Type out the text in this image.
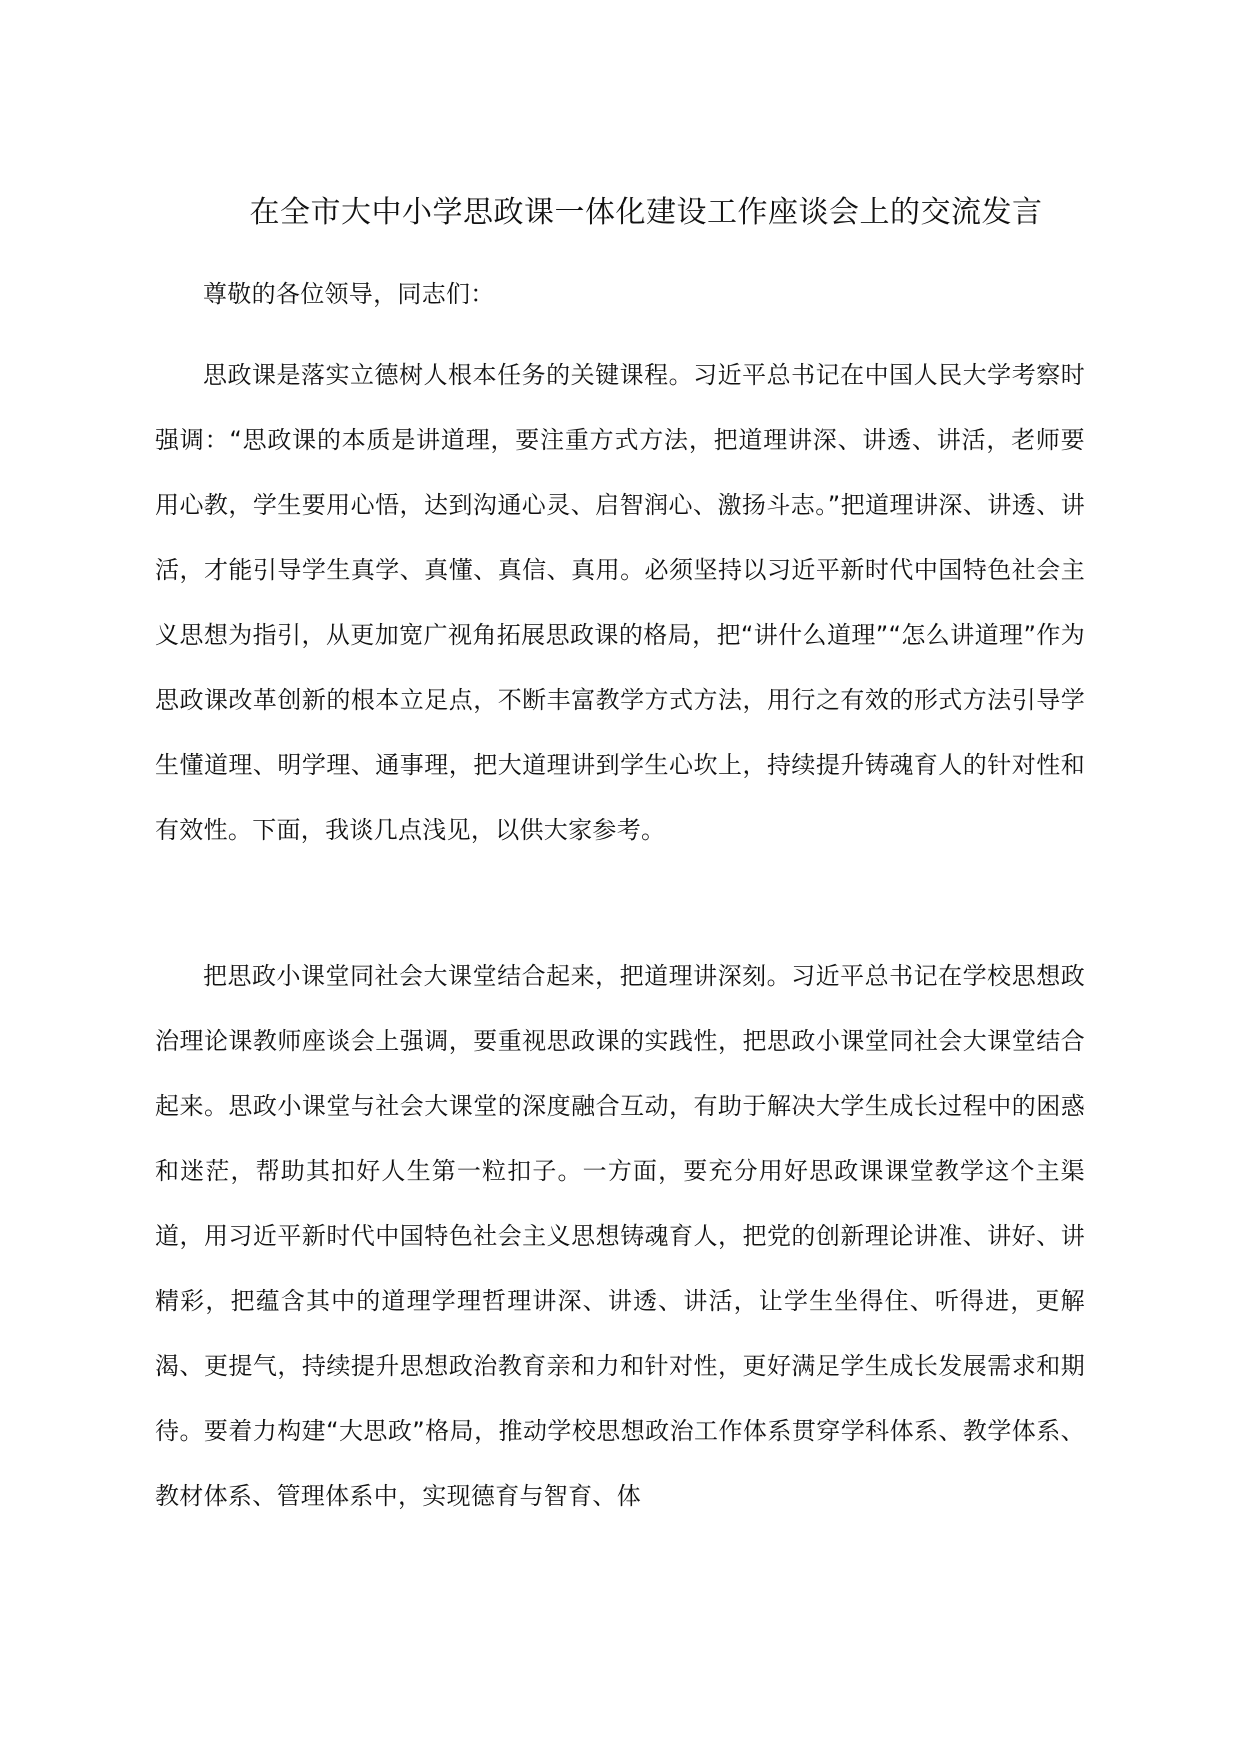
在全市大中小学思政课一体化建设工作座谈会上的交流发言
尊敬的各位领导，同志们：

思政课是落实立德树人根本任务的关键课程。习近平总书记在中国人民大学考察时强调：“思政课的本质是讲道理，要注重方式方法，把道理讲深、讲透、讲活，老师要用心教，学生要用心悟，达到沟通心灵、启智润心、激扬斗志。”把道理讲深、讲透、讲活，才能引导学生真学、真懂、真信、真用。必须坚持以习近平新时代中国特色社会主义思想为指引，从更加宽广视角拓展思政课的格局，把“讲什么道理”“怎么讲道理”作为思政课改革创新的根本立足点，不断丰富教学方式方法，用行之有效的形式方法引导学生懂道理、明学理、通事理，把大道理讲到学生心坎上，持续提升铸魂育人的针对性和有效性。下面，我谈几点浅见，以供大家参考。

把思政小课堂同社会大课堂结合起来，把道理讲深刻。习近平总书记在学校思想政治理论课教师座谈会上强调，要重视思政课的实践性，把思政小课堂同社会大课堂结合起来。思政小课堂与社会大课堂的深度融合互动，有助于解决大学生成长过程中的困惑和迷茫，帮助其扣好人生第一粒扣子。一方面，要充分用好思政课课堂教学这个主渠道，用习近平新时代中国特色社会主义思想铸魂育人，把党的创新理论讲准、讲好、讲精彩，把蕴含其中的道理学理哲理讲深、讲透、讲活，让学生坐得住、听得进，更解渴、更提气，持续提升思想政治教育亲和力和针对性，更好满足学生成长发展需求和期待。要着力构建“大思政”格局，推动学校思想政治工作体系贯穿学科体系、教学体系、教材体系、管理体系中，实现德育与智育、体
